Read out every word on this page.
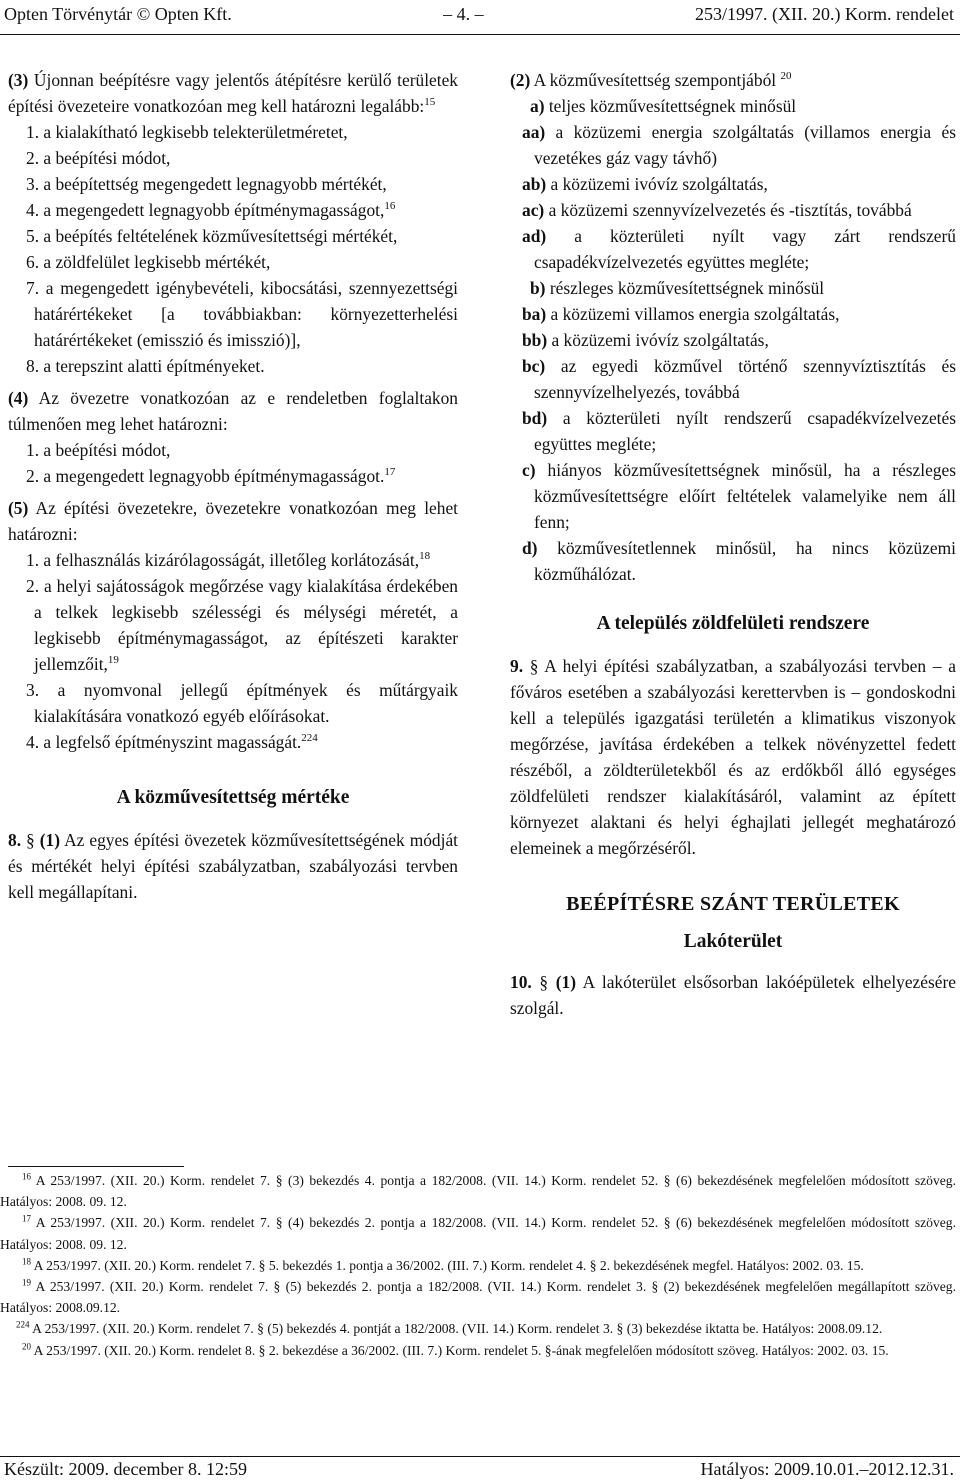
Opten Törvénytár © Opten Kft.	– 4. –	253/1997. (XII. 20.) Korm. rendelet

(3) Újonnan beépítésre vagy jelentős átépítésre kerülő területek építési övezeteire vonatkozóan meg kell határozni legalább:$^{15}$

1. a kialakítható legkisebb telekterületméretet,

2. a beépítési módot,

3. a beépítettség megengedett legnagyobb mértékét,

4. a megengedett legnagyobb építménymagasságot,$^{16}$

5. a beépítés feltételének közművesítettségi mértékét,

6. a zöldfelület legkisebb mértékét,

7. a megengedett igénybevételi, kibocsátási, szennyezettségi határértékeket [a továbbiakban: környezetterhelési határértékeket (emisszió és imisszió)],

8. a terepszint alatti építményeket.

(4) Az övezetre vonatkozóan az e rendeletben foglaltakon túlmenően meg lehet határozni:

1. a beépítési módot,

2. a megengedett legnagyobb építménymagasságot.$^{17}$

(5) Az építési övezetekre, övezetekre vonatkozóan meg lehet határozni:

1. a felhasználás kizárólagosságát, illetőleg korlátozását,$^{18}$

2. a helyi sajátosságok megőrzése vagy kialakítása érdekében a telkek legkisebb szélességi és mélységi méretét, a legkisebb építménymagasságot, az építészeti karakter jellemzőit,$^{19}$

3. a nyomvonal jellegű építmények és műtárgyaik kialakítására vonatkozó egyéb előírásokat.

4. a legfelső építményszint magasságát.$^{224}$

A közművesítettség mértéke

8. § (1) Az egyes építési övezetek közművesítettségének módját és mértékét helyi építési szabályzatban, szabályozási tervben kell megállapítani.

(2) A közművesítettség szempontjából $^{20}$

a) teljes közművesítettségnek minősül

aa) a közüzemi energia szolgáltatás (villamos energia és vezetékes gáz vagy távhő)

ab) a közüzemi ivóvíz szolgáltatás,

ac) a közüzemi szennyvízelvezetés és -tisztítás, továbbá

ad) a közterületi nyílt vagy zárt rendszerű csapadékvízelvezetés együttes megléte;

b) részleges közművesítettségnek minősül

ba) a közüzemi villamos energia szolgáltatás,

bb) a közüzemi ivóvíz szolgáltatás,

bc) az egyedi közművel történő szennyvíztisztítás és szennyvízelhelyezés, továbbá

bd) a közterületi nyílt rendszerű csapadékvízelvezetés együttes megléte;

c) hiányos közművesítettségnek minősül, ha a részleges közművesítettségre előírt feltételek valamelyike nem áll fenn;

d) közművesítetlennek minősül, ha nincs közüzemi közműhálózat.

A település zöldfelületi rendszere

9. § A helyi építési szabályzatban, a szabályozási tervben – a főváros esetében a szabályozási kerettervben is – gondoskodni kell a település igazgatási területén a klimatikus viszonyok megőrzése, javítása érdekében a telkek növényzettel fedett részéből, a zöldterületekből és az erdőkből álló egységes zöldfelületi rendszer kialakításáról, valamint az épített környezet alaktani és helyi éghajlati jellegét meghatározó elemeinek a megőrzéséről.

BEÉPÍTÉSRE SZÁNT TERÜLETEK
Lakóterület

10. § (1) A lakóterület elsősorban lakóépületek elhelyezésére szolgál.

$^{16}$ A 253/1997. (XII. 20.) Korm. rendelet 7. § (3) bekezdés 4. pontja a 182/2008. (VII. 14.) Korm. rendelet 52. § (6) bekezdésének megfelelően módosított szöveg. Hatályos: 2008. 09. 12.

$^{17}$ A 253/1997. (XII. 20.) Korm. rendelet 7. § (4) bekezdés 2. pontja a 182/2008. (VII. 14.) Korm. rendelet 52. § (6) bekezdésének megfelelően módosított szöveg. Hatályos: 2008. 09. 12.

$^{18}$ A 253/1997. (XII. 20.) Korm. rendelet 7. § 5. bekezdés 1. pontja a 36/2002. (III. 7.) Korm. rendelet 4. § 2. bekezdésének megfel. Hatályos: 2002. 03. 15.

$^{19}$ A 253/1997. (XII. 20.) Korm. rendelet 7. § (5) bekezdés 2. pontja a 182/2008. (VII. 14.) Korm. rendelet 3. § (2) bekezdésének megfelelően megállapított szöveg. Hatályos: 2008.09.12.

$^{224}$ A 253/1997. (XII. 20.) Korm. rendelet 7. § (5) bekezdés 4. pontját a 182/2008. (VII. 14.) Korm. rendelet 3. § (3) bekezdése iktatta be. Hatályos: 2008.09.12.

$^{20}$ A 253/1997. (XII. 20.) Korm. rendelet 8. § 2. bekezdése a 36/2002. (III. 7.) Korm. rendelet 5. §-ának megfelelően módosított szöveg. Hatályos: 2002. 03. 15.

Készült: 2009. december 8. 12:59	Hatályos: 2009.10.01.–2012.12.31.
